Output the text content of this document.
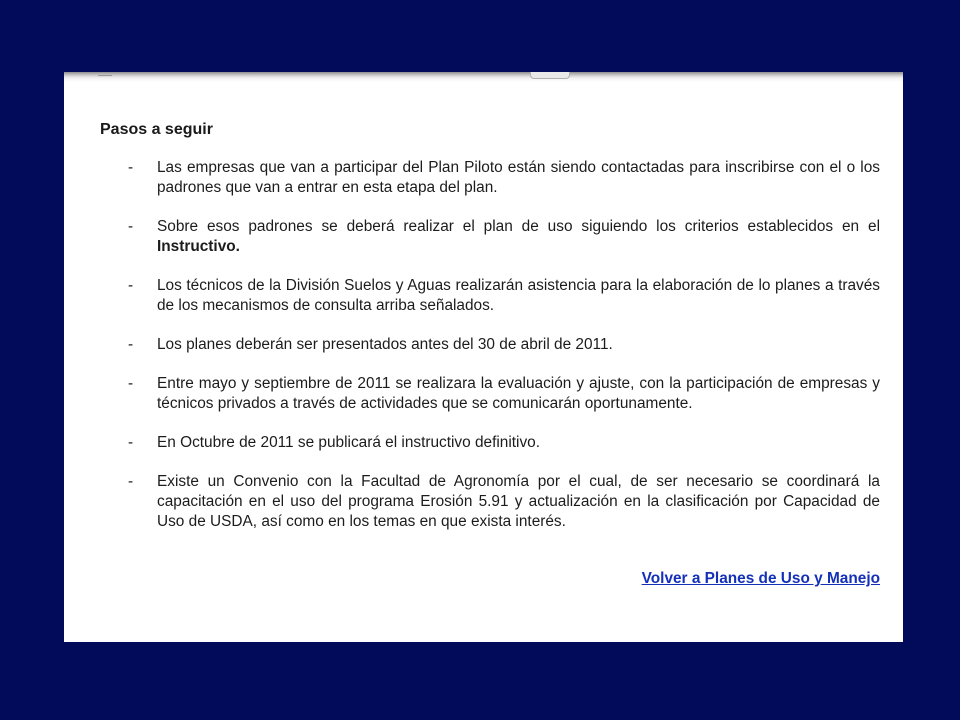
Pasos a seguir
- Las empresas que van a participar del Plan Piloto están siendo contactadas para inscribirse con el o los padrones que van a entrar en esta etapa del plan.
- Sobre esos padrones se deberá realizar el plan de uso siguiendo los criterios establecidos en el Instructivo.
- Los técnicos de la División Suelos y Aguas realizarán asistencia para la elaboración de lo planes a través de los mecanismos de consulta arriba señalados.
- Los planes deberán ser presentados antes del 30 de abril de 2011.
- Entre mayo y septiembre de 2011 se realizara la evaluación y ajuste, con la participación de empresas y técnicos privados a través de actividades que se comunicarán oportunamente.
- En Octubre de 2011 se publicará el instructivo definitivo.
- Existe un Convenio con la Facultad de Agronomía por el cual, de ser necesario se coordinará la capacitación en el uso del programa Erosión 5.91 y actualización en la clasificación por Capacidad de Uso de USDA, así como en los temas en que exista interés.
Volver a Planes de Uso y Manejo
